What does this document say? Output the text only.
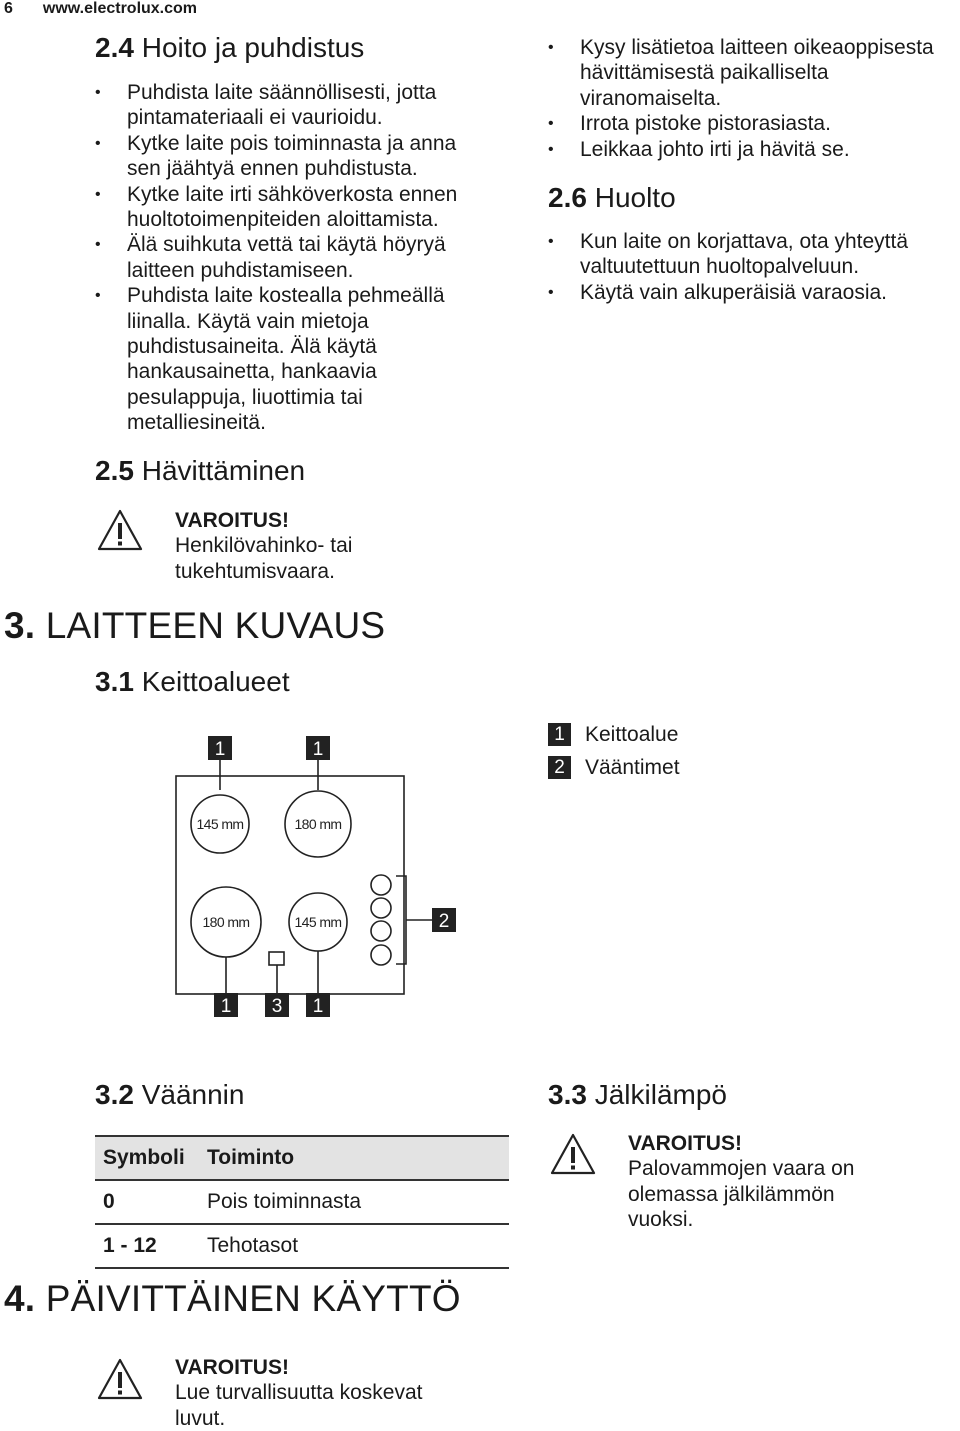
6 www.electrolux.com
2.4 Hoito ja puhdistus
• Puhdista laite säännöllisesti, jotta
pintamateriaali ei vaurioidu.
• Kytke laite pois toiminnasta ja anna
sen jäähtyä ennen puhdistusta.
• Kytke laite irti sähköverkosta ennen
huoltotoimenpiteiden aloittamista.
• Älä suihkuta vettä tai käytä höyryä
laitteen puhdistamiseen.
• Puhdista laite kostealla pehmeällä
liinalla. Käytä vain mietoja
puhdistusaineita. Älä käytä
hankausainetta, hankaavia
pesulappuja, liuottimia tai
metalliesineitä.
2.5 Hävittäminen
VAROITUS!
Henkilövahinko- tai
tukehtumisvaara.
• Kysy lisätietoa laitteen oikeaoppisesta
hävittämisestä paikalliselta
viranomaiselta.
• Irrota pistoke pistorasiasta.
• Leikkaa johto irti ja hävitä se.
2.6 Huolto
• Kun laite on korjattava, ota yhteyttä
valtuutettuun huoltopalveluun.
• Käytä vain alkuperäisiä varaosia.
3. LAITTEEN KUVAUS
3.1 Keittoalueet
145 mm	180 mm
180 mm	145 mm
1	1
2
1 3 1
1 Keittoalue
2 Vääntimet
3.2 Väännin
Symboli	Toiminto
0	Pois toiminnasta
1 - 12	Tehotasot
3.3 Jälkilämpö
VAROITUS!
Palovammojen vaara on
olemassa jälkilämmön
vuoksi.
4. PÄIVITTÄINEN KÄYTTÖ
VAROITUS!
Lue turvallisuutta koskevat
luvut.
